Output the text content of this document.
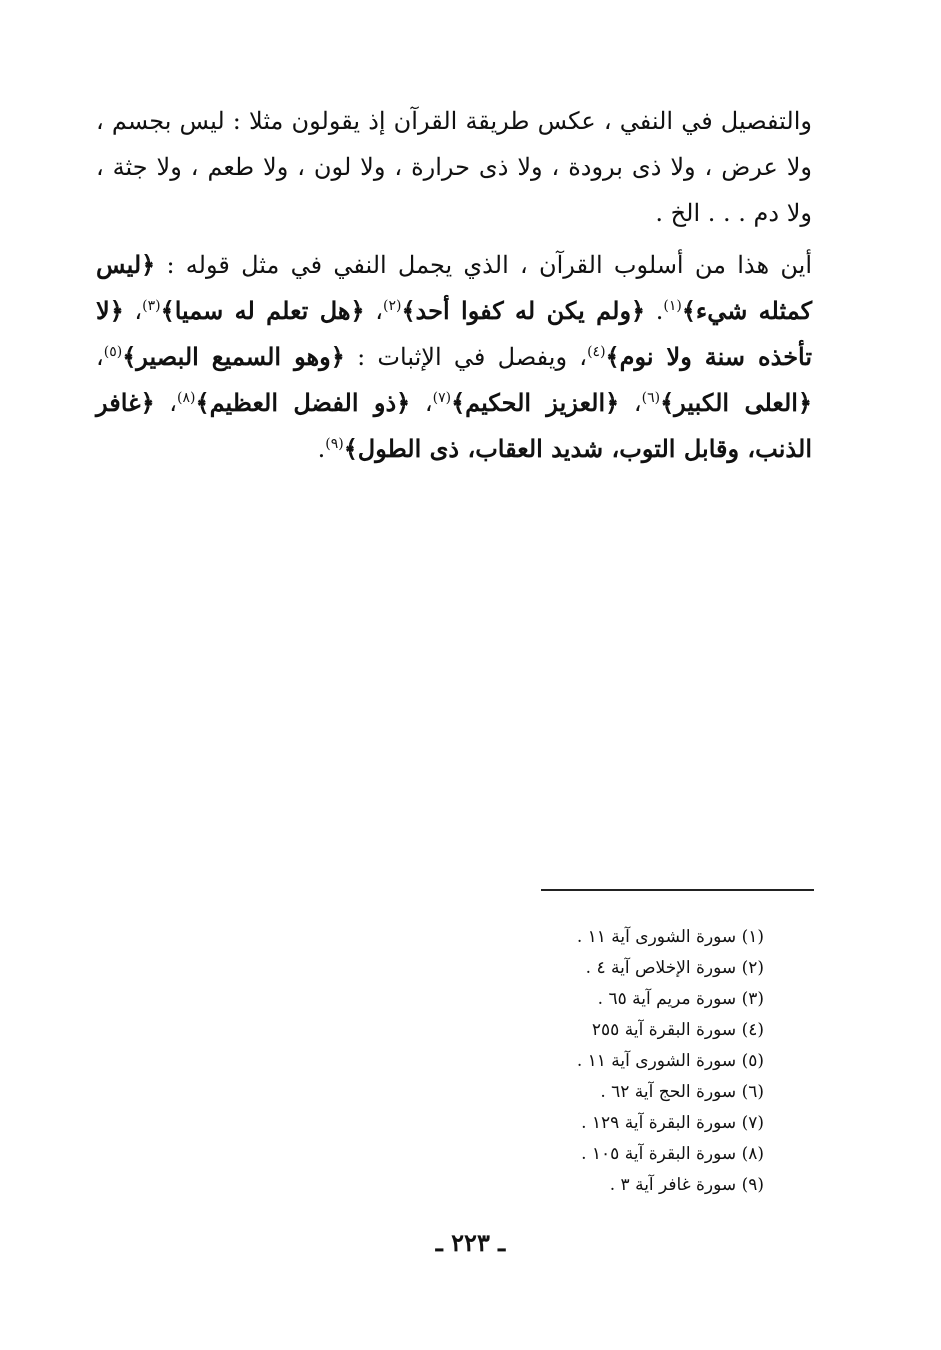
والتفصيل في النفي ، عكس طريقة القرآن إذ يقولون مثلا : ليس بجسم ، ولا عرض ، ولا ذى برودة ، ولا ذى حرارة ، ولا لون ، ولا طعم ، ولا جثة ، ولا دم . . . الخ .

أين هذا من أسلوب القرآن ، الذي يجمل النفي في مثل قوله : ﴿ليس كمثله شيء﴾$^{(١)}$. ﴿ولم يكن له كفوا أحد﴾$^{(٢)}$، ﴿هل تعلم له سميا﴾$^{(٣)}$، ﴿لا تأخذه سنة ولا نوم﴾$^{(٤)}$، ويفصل في الإثبات : ﴿وهو السميع البصير﴾$^{(٥)}$، ﴿العلى الكبير﴾$^{(٦)}$، ﴿العزيز الحكيم﴾$^{(٧)}$، ﴿ذو الفضل العظيم﴾$^{(٨)}$، ﴿غافر الذنب، وقابل التوب، شديد العقاب، ذى الطول﴾$^{(٩)}$.

(١) سورة الشورى آية ١١ .
(٢) سورة الإخلاص آية ٤ .
(٣) سورة مريم آية ٦٥ .
(٤) سورة البقرة آية ٢٥٥
(٥) سورة الشورى آية ١١ .
(٦) سورة الحج آية ٦٢ .
(٧) سورة البقرة آية ١٢٩ .
(٨) سورة البقرة آية ١٠٥ .
(٩) سورة غافر آية ٣ .
ـ ٢٢٣ ـ
